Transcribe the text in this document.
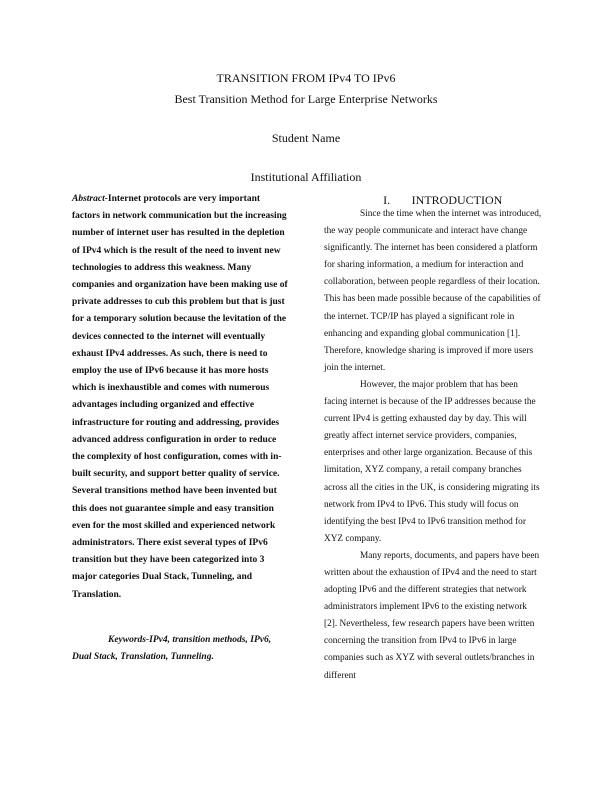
TRANSITION FROM IPv4 TO IPv6
Best Transition Method for Large Enterprise Networks
Student Name
Institutional Affiliation
Abstract-Internet protocols are very important factors in network communication but the increasing number of internet user has resulted in the depletion of IPv4 which is the result of the need to invent new technologies to address this weakness. Many companies and organization have been making use of private addresses to cub this problem but that is just for a temporary solution because the levitation of the devices connected to the internet will eventually exhaust IPv4 addresses. As such, there is need to employ the use of IPv6 because it has more hosts which is inexhaustible and comes with numerous advantages including organized and effective infrastructure for routing and addressing, provides advanced address configuration in order to reduce the complexity of host configuration, comes with in-built security, and support better quality of service. Several transitions method have been invented but this does not guarantee simple and easy transition even for the most skilled and experienced network administrators. There exist several types of IPv6 transition but they have been categorized into 3 major categories Dual Stack, Tunneling, and Translation.
Keywords-IPv4, transition methods, IPv6, Dual Stack, Translation, Tunneling.
I. INTRODUCTION

Since the time when the internet was introduced, the way people communicate and interact have change significantly. The internet has been considered a platform for sharing information, a medium for interaction and collaboration, between people regardless of their location. This has been made possible because of the capabilities of the internet. TCP/IP has played a significant role in enhancing and expanding global communication [1]. Therefore, knowledge sharing is improved if more users join the internet.

However, the major problem that has been facing internet is because of the IP addresses because the current IPv4 is getting exhausted day by day. This will greatly affect internet service providers, companies, enterprises and other large organization. Because of this limitation, XYZ company, a retail company branches across all the cities in the UK, is considering migrating its network from IPv4 to IPv6. This study will focus on identifying the best IPv4 to IPv6 transition method for XYZ company.

Many reports, documents, and papers have been written about the exhaustion of IPv4 and the need to start adopting IPv6 and the different strategies that network administrators implement IPv6 to the existing network [2]. Nevertheless, few research papers have been written concerning the transition from IPv4 to IPv6 in large companies such as XYZ with several outlets/branches in different
